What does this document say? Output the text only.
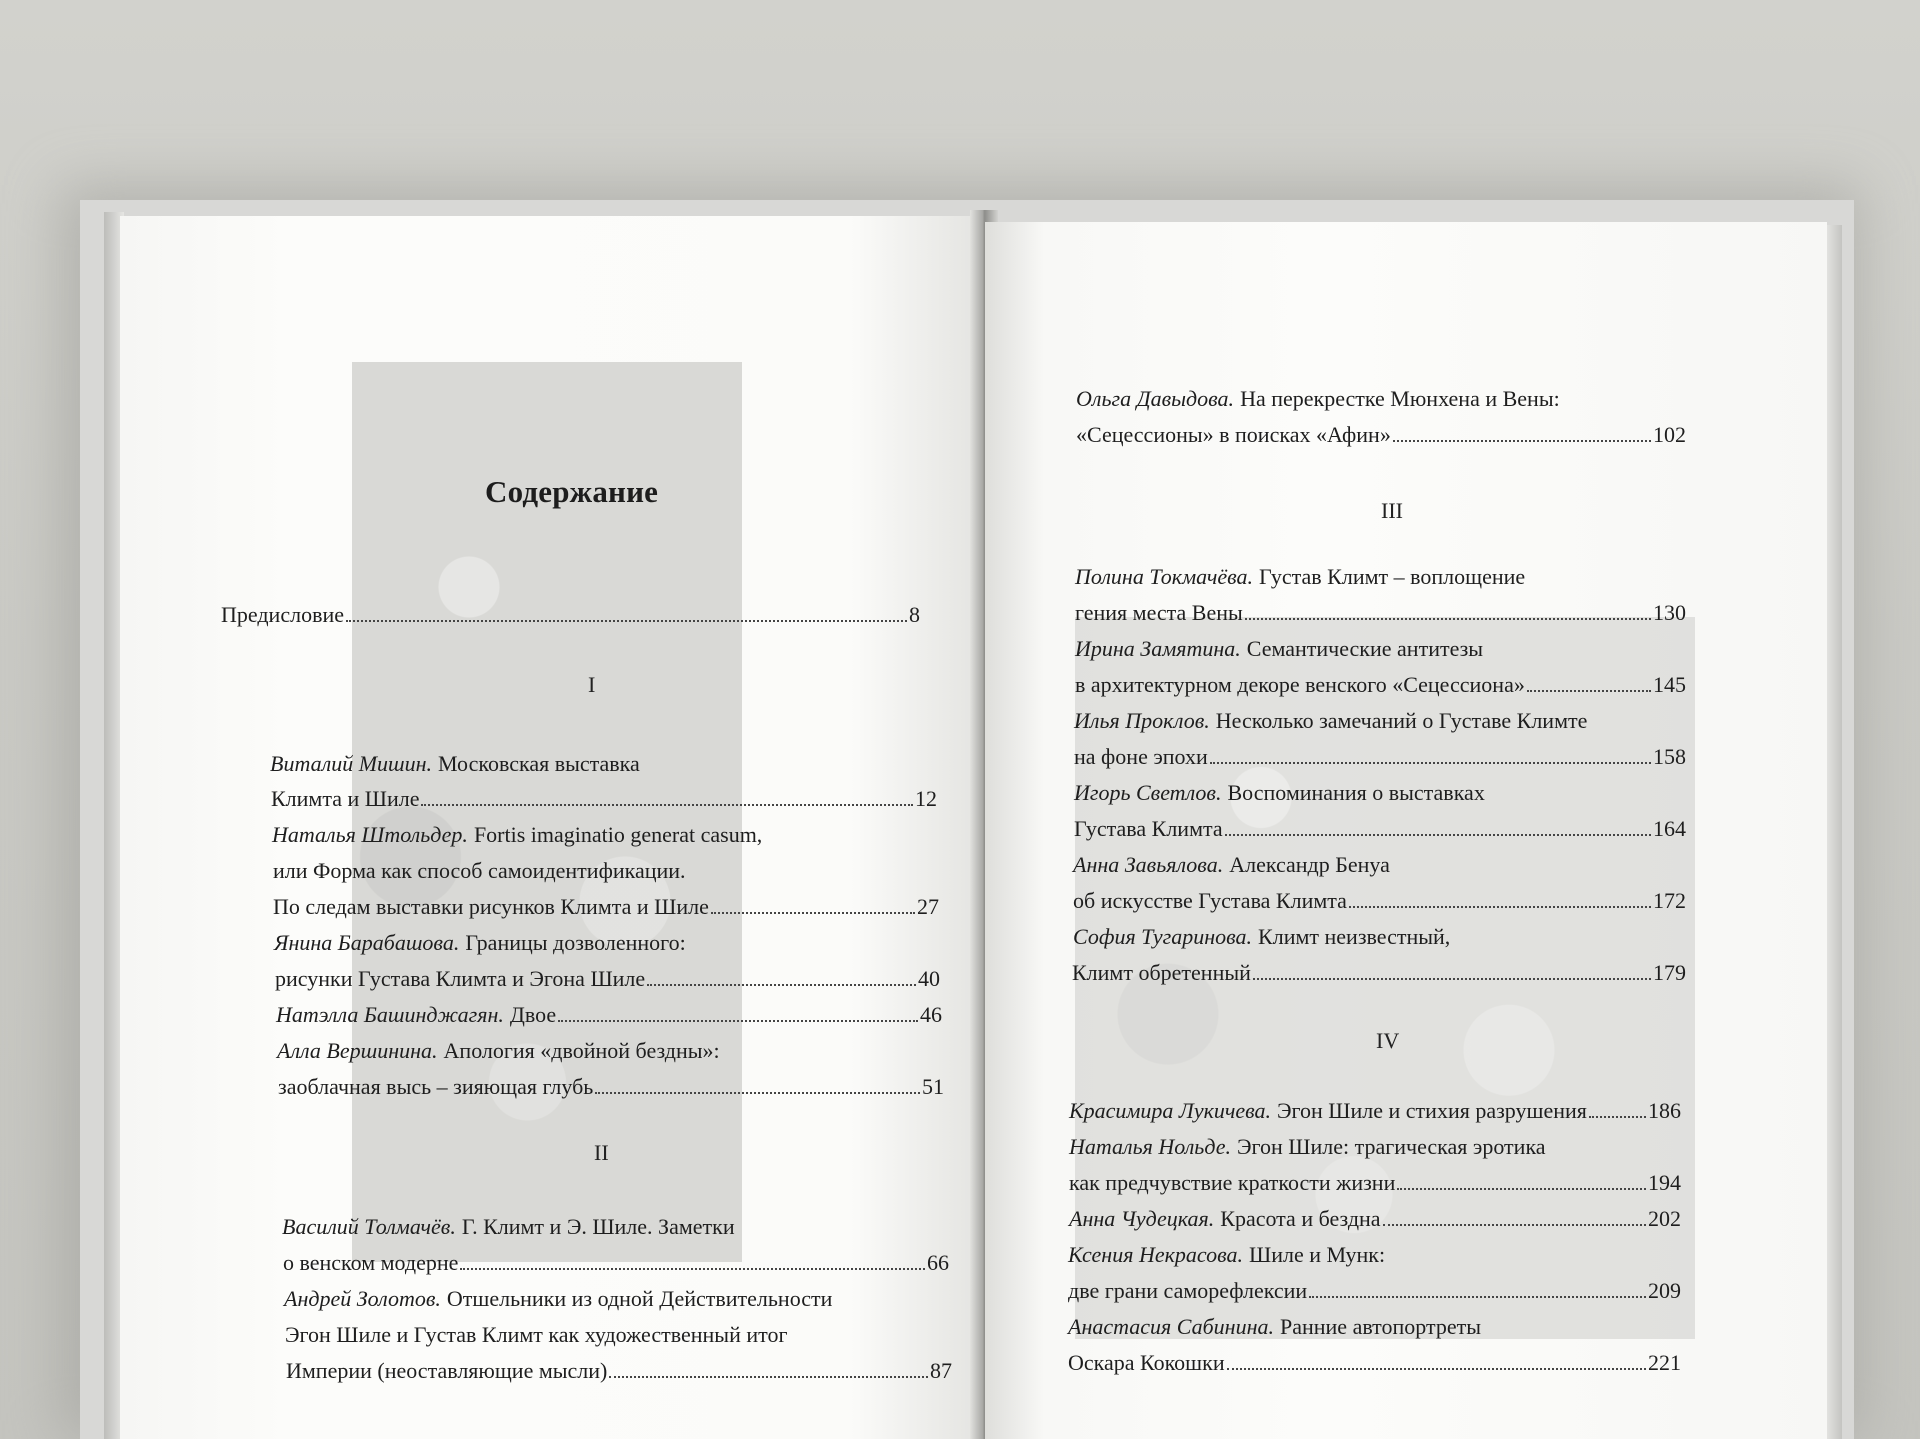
Содержание
I
II
Предисловие	8
Виталий Мишин. Московская выставка
Климта и Шиле	12
Наталья Штольдер. Fortis imaginatio generat casum,
или Форма как способ самоидентификации.
По следам выставки рисунков Климта и Шиле	27
Янина Барабашова. Границы дозволенного:
рисунки Густава Климта и Эгона Шиле	40
Натэлла Башинджагян. Двое	46
Алла Вершинина. Апология «двойной бездны»:
заоблачная высь – зияющая глубь	51
Василий Толмачёв. Г. Климт и Э. Шиле. Заметки
о венском модерне	66
Андрей Золотов. Отшельники из одной Действительности
Эгон Шиле и Густав Климт как художественный итог
Империи (неоставляющие мысли)	87
III
IV
Ольга Давыдова. На перекрестке Мюнхена и Вены:
«Сецессионы» в поисках «Афин»	102
Полина Токмачёва. Густав Климт – воплощение
гения места Вены	130
Ирина Замятина. Семантические антитезы
в архитектурном декоре венского «Сецессиона»	145
Илья Проклов. Несколько замечаний о Густаве Климте
на фоне эпохи	158
Игорь Светлов. Воспоминания о выставках
Густава Климта	164
Анна Завьялова. Александр Бенуа
об искусстве Густава Климта	172
София Тугаринова. Климт неизвестный,
Климт обретенный	179
Красимира Лукичева. Эгон Шиле и стихия разрушения	186
Наталья Нольде. Эгон Шиле: трагическая эротика
как предчувствие краткости жизни	194
Анна Чудецкая. Красота и бездна	202
Ксения Некрасова. Шиле и Мунк:
две грани саморефлексии	209
Анастасия Сабинина. Ранние автопортреты
Оскара Кокошки	221
